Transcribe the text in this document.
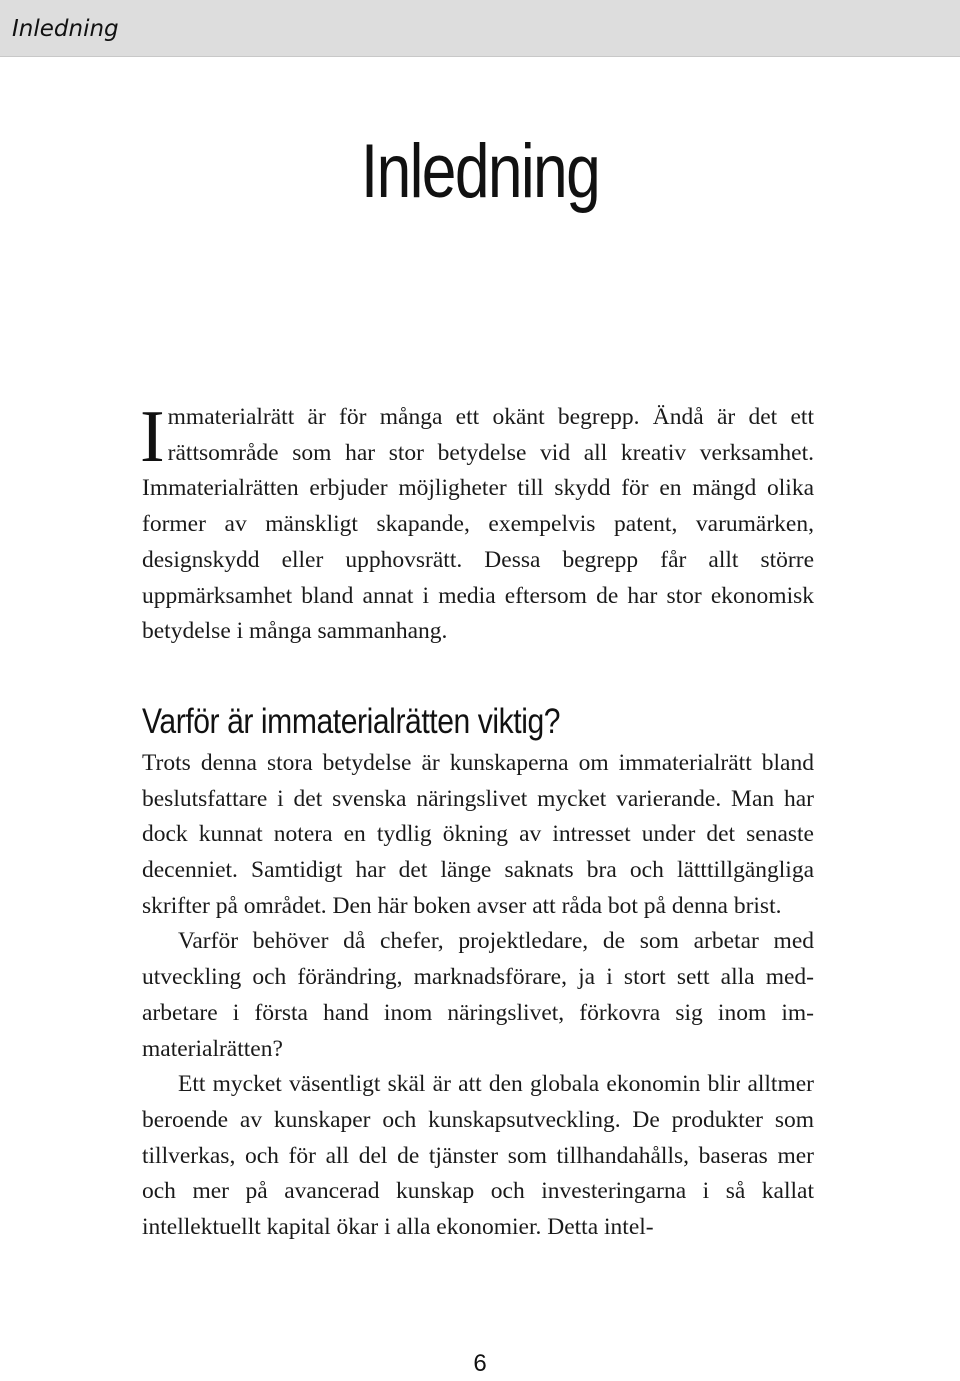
Inledning
Inledning

Immaterialrätt är för många ett okänt begrepp. Ändå är det ett rättsområde som har stor betydelse vid all kreativ verksamhet. Immaterialrätten erbjuder möjligheter till skydd för en mängd olika former av mänskligt skapande, exempelvis patent, varumärken, designskydd eller upphovsrätt. Dessa begrepp får allt större uppmärksamhet bland annat i media eftersom de har stor ekonomisk betydelse i många sammanhang.

Varför är immaterialrätten viktig?

Trots denna stora betydelse är kunskaperna om immaterialrätt bland beslutsfattare i det svenska näringslivet mycket varierande. Man har dock kunnat notera en tydlig ökning av intresset under det senaste decenniet. Samtidigt har det länge saknats bra och lätttillgängliga skrifter på området. Den här boken avser att råda bot på denna brist.

Varför behöver då chefer, projektledare, de som arbetar med utveckling och förändring, marknadsförare, ja i stort sett alla medarbetare i första hand inom näringslivet, förkovra sig inom immaterialrätten?

Ett mycket väsentligt skäl är att den globala ekonomin blir alltmer beroende av kunskaper och kunskapsutveckling. De produkter som tillverkas, och för all del de tjänster som tillhandahålls, baseras mer och mer på avancerad kunskap och investeringarna i så kallat intellektuellt kapital ökar i alla ekonomier. Detta intel-

6
